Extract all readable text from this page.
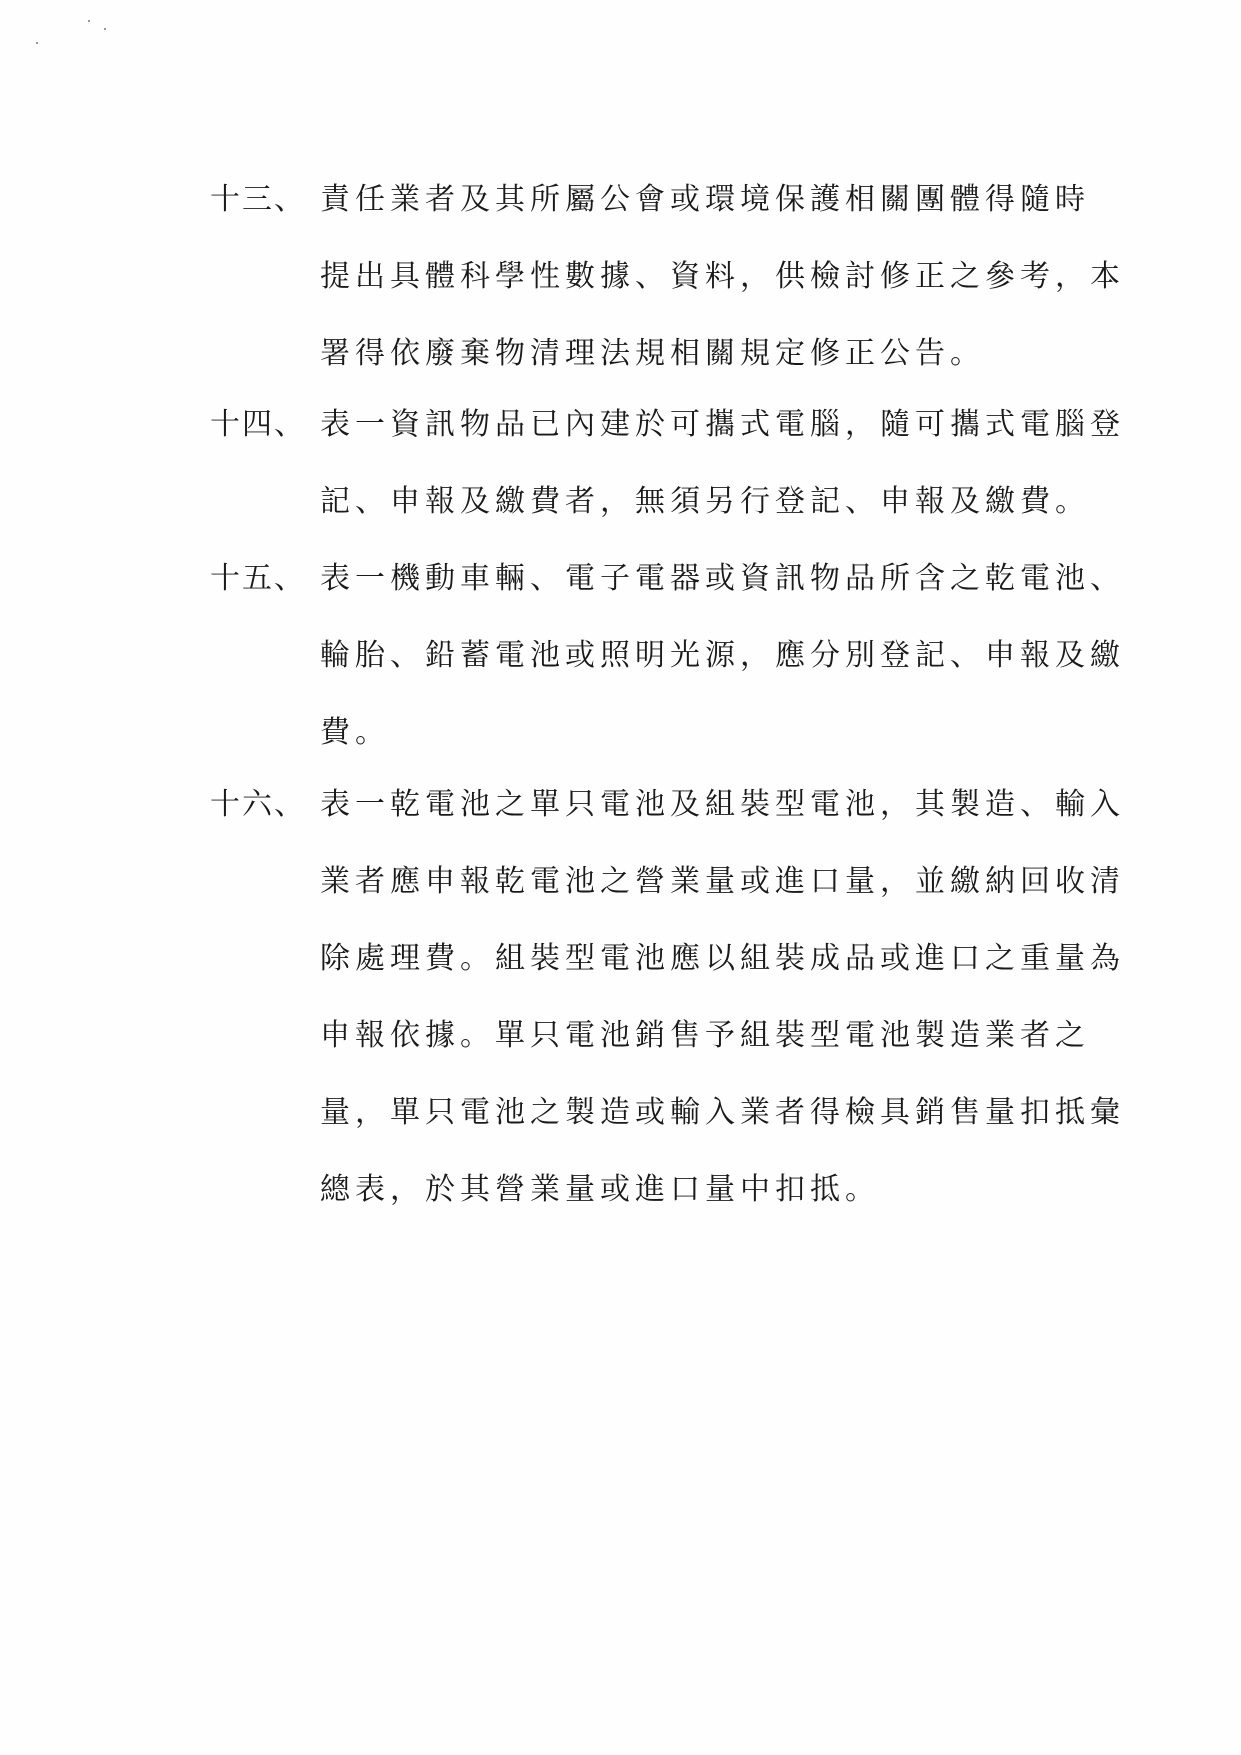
十三、 責任業者及其所屬公會或環境保護相關團體得隨時
提出具體科學性數據、資料，供檢討修正之參考，本
署得依廢棄物清理法規相關規定修正公告。
十四、 表一資訊物品已內建於可攜式電腦，隨可攜式電腦登
記、申報及繳費者，無須另行登記、申報及繳費。
十五、 表一機動車輛、電子電器或資訊物品所含之乾電池、
輪胎、鉛蓄電池或照明光源，應分別登記、申報及繳
費。
十六、 表一乾電池之單只電池及組裝型電池，其製造、輸入
業者應申報乾電池之營業量或進口量，並繳納回收清
除處理費。組裝型電池應以組裝成品或進口之重量為
申報依據。單只電池銷售予組裝型電池製造業者之
量，單只電池之製造或輸入業者得檢具銷售量扣抵彙
總表，於其營業量或進口量中扣抵。
